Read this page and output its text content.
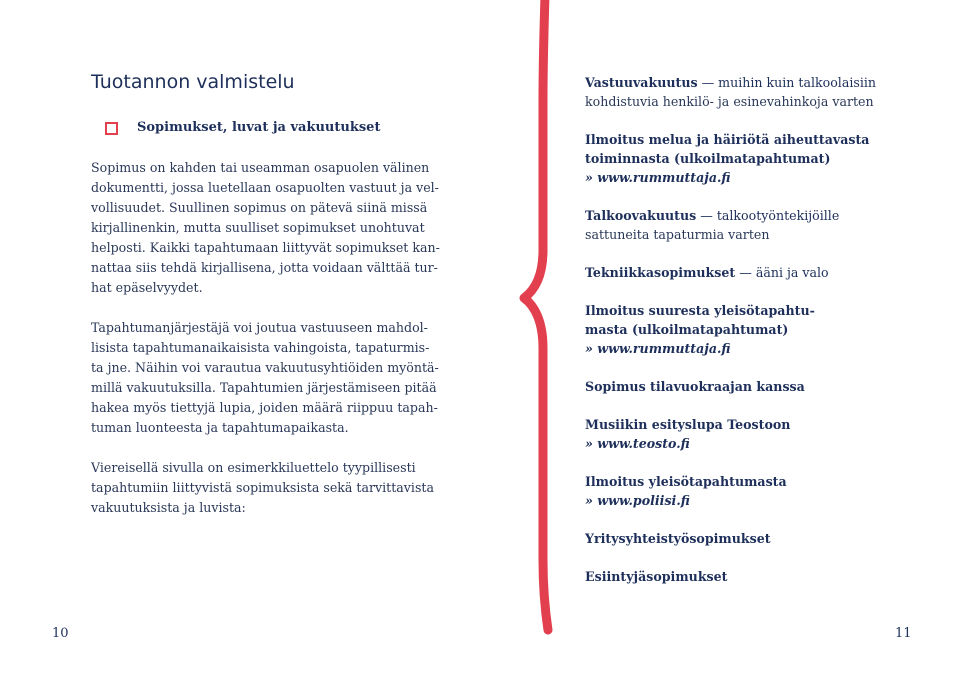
Tuotannon valmistelu
Sopimukset, luvat ja vakuutukset

Sopimus on kahden tai useamman osapuolen välinen

dokumentti, jossa luetellaan osapuolten vastuut ja vel-

vollisuudet. Suullinen sopimus on pätevä siinä missä

kirjallinenkin, mutta suulliset sopimukset unohtuvat

helposti. Kaikki tapahtumaan liittyvät sopimukset kan-

nattaa siis tehdä kirjallisena, jotta voidaan välttää tur-

hat epäselvyydet.

Tapahtumanjärjestäjä voi joutua vastuuseen mahdol-

lisista tapahtumanaikaisista vahingoista, tapaturmis-

ta jne. Näihin voi varautua vakuutusyhtiöiden myöntä-

millä vakuutuksilla. Tapahtumien järjestämiseen pitää

hakea myös tiettyjä lupia, joiden määrä riippuu tapah-

tuman luonteesta ja tapahtumapaikasta.

Viereisellä sivulla on esimerkkiluettelo tyypillisesti

tapahtumiin liittyvistä sopimuksista sekä tarvittavista

vakuutuksista ja luvista:

Vastuuvakuutus — muihin kuin talkoolaisiin
kohdistuvia henkilö- ja esinevahinkoja varten
Ilmoitus melua ja häiriötä aiheuttavasta
toiminnasta (ulkoilmatapahtumat)
» www.rummuttaja.fi
Talkoovakuutus — talkootyöntekijöille
sattuneita tapaturmia varten
Tekniikkasopimukset — ääni ja valo
Ilmoitus suuresta yleisötapahtu-
masta (ulkoilmatapahtumat)
» www.rummuttaja.fi
Sopimus tilavuokraajan kanssa
Musiikin esityslupa Teostoon
» www.teosto.fi
Ilmoitus yleisötapahtumasta
» www.poliisi.fi
Yritysyhteistyösopimukset
Esiintyjäsopimukset
10	11
